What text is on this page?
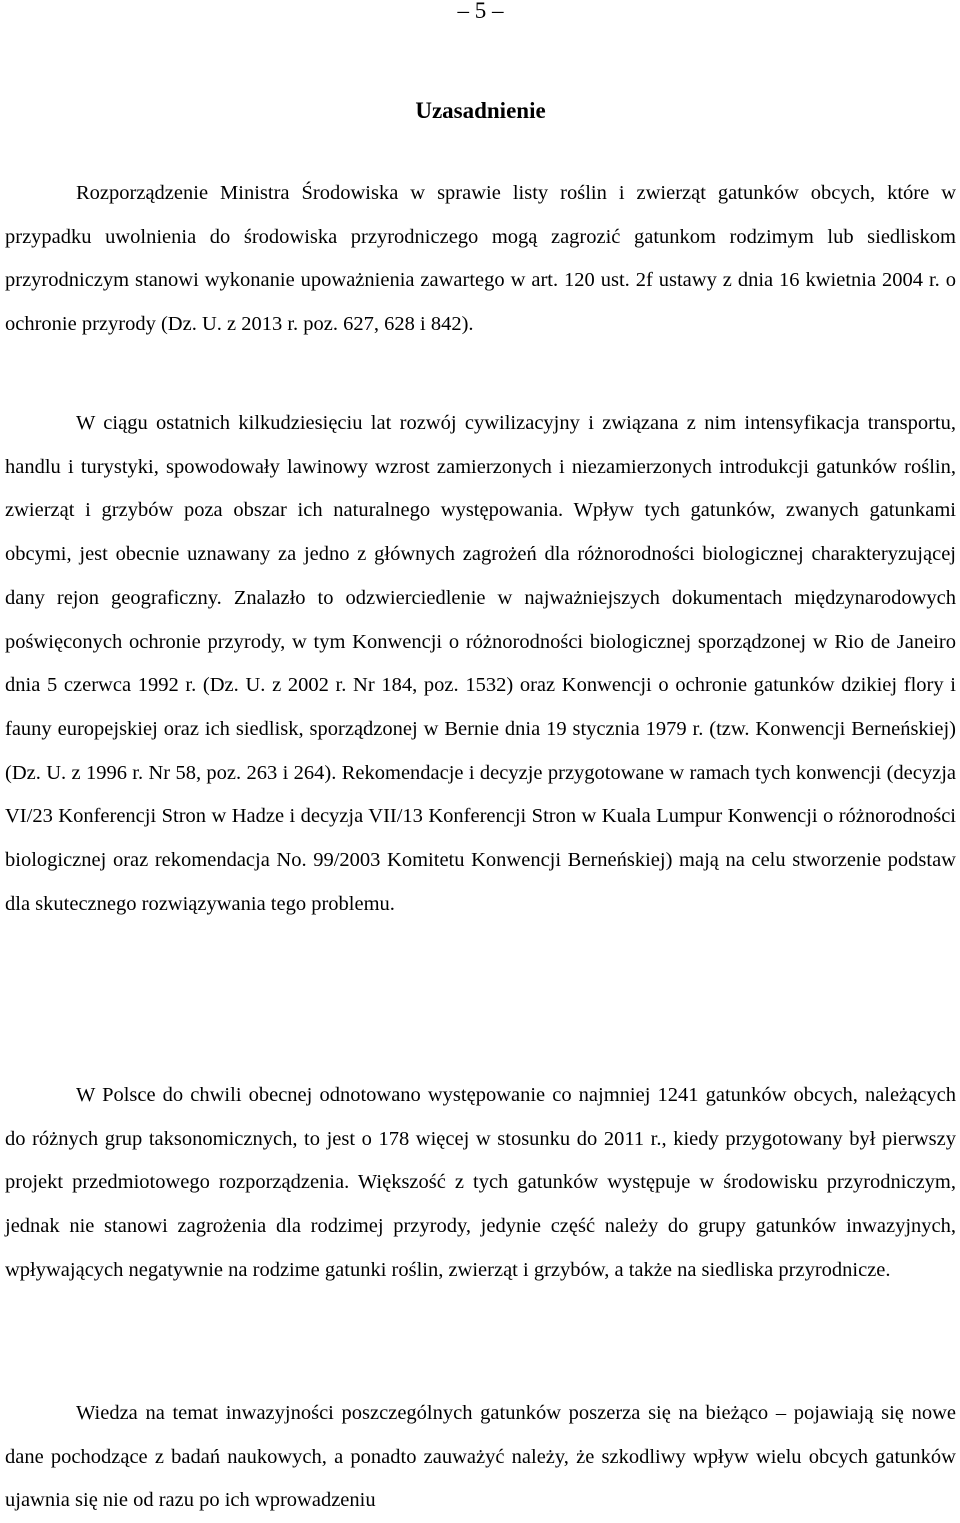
– 5 –
Uzasadnienie

Rozporządzenie Ministra Środowiska w sprawie listy roślin i zwierząt gatunków obcych, które w przypadku uwolnienia do środowiska przyrodniczego mogą zagrozić gatunkom rodzimym lub siedliskom przyrodniczym stanowi wykonanie upoważnienia zawartego w art. 120 ust. 2f ustawy z dnia 16 kwietnia 2004 r. o ochronie przyrody (Dz. U. z 2013 r. poz. 627, 628 i 842).

W ciągu ostatnich kilkudziesięciu lat rozwój cywilizacyjny i związana z nim intensyfikacja transportu, handlu i turystyki, spowodowały lawinowy wzrost zamierzonych i niezamierzonych introdukcji gatunków roślin, zwierząt i grzybów poza obszar ich naturalnego występowania. Wpływ tych gatunków, zwanych gatunkami obcymi, jest obecnie uznawany za jedno z głównych zagrożeń dla różnorodności biologicznej charakteryzującej dany rejon geograficzny. Znalazło to odzwierciedlenie w najważniejszych dokumentach międzynarodowych poświęconych ochronie przyrody, w tym Konwencji o różnorodności biologicznej sporządzonej w Rio de Janeiro dnia 5 czerwca 1992 r. (Dz. U. z 2002 r. Nr 184, poz. 1532) oraz Konwencji o ochronie gatunków dzikiej flory i fauny europejskiej oraz ich siedlisk, sporządzonej w Bernie dnia 19 stycznia 1979 r. (tzw. Konwencji Berneńskiej) (Dz. U. z 1996 r. Nr 58, poz. 263 i 264). Rekomendacje i decyzje przygotowane w ramach tych konwencji (decyzja VI/23 Konferencji Stron w Hadze i decyzja VII/13 Konferencji Stron w Kuala Lumpur Konwencji o różnorodności biologicznej oraz rekomendacja No. 99/2003 Komitetu Konwencji Berneńskiej) mają na celu stworzenie podstaw dla skutecznego rozwiązywania tego problemu.

W Polsce do chwili obecnej odnotowano występowanie co najmniej 1241 gatunków obcych, należących do różnych grup taksonomicznych, to jest o 178 więcej w stosunku do 2011 r., kiedy przygotowany był pierwszy projekt przedmiotowego rozporządzenia. Większość z tych gatunków występuje w środowisku przyrodniczym, jednak nie stanowi zagrożenia dla rodzimej przyrody, jedynie część należy do grupy gatunków inwazyjnych, wpływających negatywnie na rodzime gatunki roślin, zwierząt i grzybów, a także na siedliska przyrodnicze.

Wiedza na temat inwazyjności poszczególnych gatunków poszerza się na bieżąco – pojawiają się nowe dane pochodzące z badań naukowych, a ponadto zauważyć należy, że szkodliwy wpływ wielu obcych gatunków ujawnia się nie od razu po ich wprowadzeniu
